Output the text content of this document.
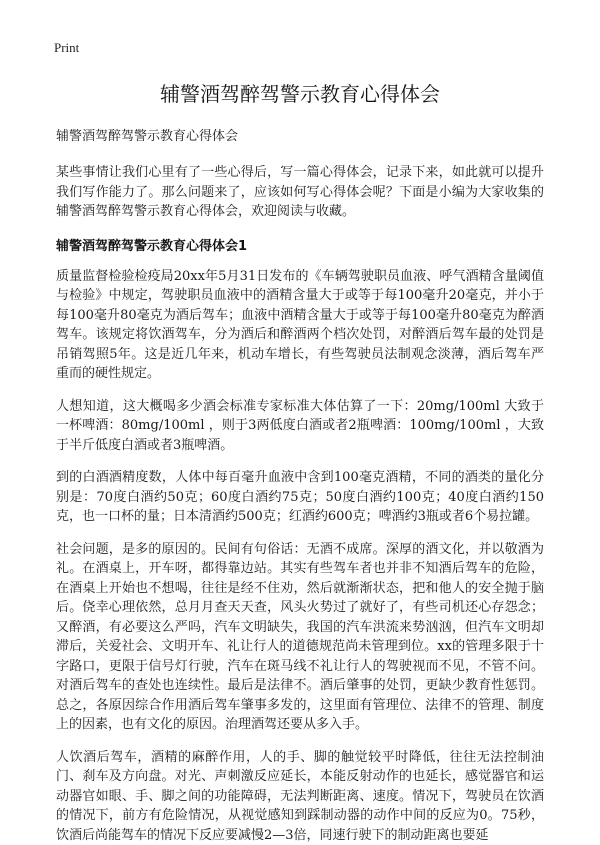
Print
辅警酒驾醉驾警示教育心得体会
辅警酒驾醉驾警示教育心得体会

某些事情让我们心里有了一些心得后，写一篇心得体会，记录下来，如此就可以提升我们写作能力了。那么问题来了，应该如何写心得体会呢？下面是小编为大家收集的辅警酒驾醉驾警示教育心得体会，欢迎阅读与收藏。

辅警酒驾醉驾警示教育心得体会1

质量监督检验检疫局20xx年5月31日发布的《车辆驾驶职员血液、呼气酒精含量阈值与检验》中规定，驾驶职员血液中的酒精含量大于或等于每100毫升20毫克，并小于每100毫升80毫克为酒后驾车；血液中酒精含量大于或等于每100毫升80毫克为醉酒驾车。该规定将饮酒驾车，分为酒后和醉酒两个档次处罚，对醉酒后驾车最的处罚是吊销驾照5年。这是近几年来，机动车增长，有些驾驶员法制观念淡薄，酒后驾车严重而的硬性规定。

人想知道，这大概喝多少酒会标准专家标准大体估算了一下：20mg/100ml 大致于一杯啤酒：80mg/100ml ，则于3两低度白酒或者2瓶啤酒：100mg/100ml ，大致于半斤低度白酒或者3瓶啤酒。

到的白酒酒精度数，人体中每百毫升血液中含到100毫克酒精，不同的酒类的量化分别是：70度白酒约50克；60度白酒约75克；50度白酒约100克；40度白酒约150克，也一口杯的量；日本清酒约500克；红酒约600克；啤酒约3瓶或者6个易拉罐。

社会问题，是多的原因的。民间有句俗话：无酒不成席。深厚的酒文化，并以敬酒为礼。在酒桌上，开车呀，都得靠边站。其实有些驾车者也并非不知酒后驾车的危险，在酒桌上开始也不想喝，往往是经不住劝，然后就渐渐状态，把和他人的安全抛于脑后。侥幸心理依然，总月月查天天查，风头火势过了就好了，有些司机还心存怨念；又醉酒，有必要这么严吗，汽车文明缺失，我国的汽车洪流来势汹汹，但汽车文明却滞后，关爱社会、文明开车、礼让行人的道德规范尚未管理到位。xx的管理多限于十字路口，更限于信号灯行驶，汽车在斑马线不礼让行人的驾驶视而不见，不管不问。对酒后驾车的查处也连续性。最后是法律不。酒后肇事的处罚，更缺少教育性惩罚。总之，各原因综合作用酒后驾车肇事多发的，这里面有管理位、法律不的管理、制度上的因素，也有文化的原因。治理酒驾还要从多入手。

人饮酒后驾车，酒精的麻醉作用，人的手、脚的触觉较平时降低，往往无法控制油门、刹车及方向盘。对光、声刺激反应延长，本能反射动作的也延长，感觉器官和运动器官如眼、手、脚之间的功能障碍，无法判断距离、速度。情况下，驾驶员在饮酒的情况下，前方有危险情况，从视觉感知到踩制动器的动作中间的反应为0。75秒，饮酒后尚能驾车的情况下反应要减慢2—3倍，同速行驶下的制动距离也要延
